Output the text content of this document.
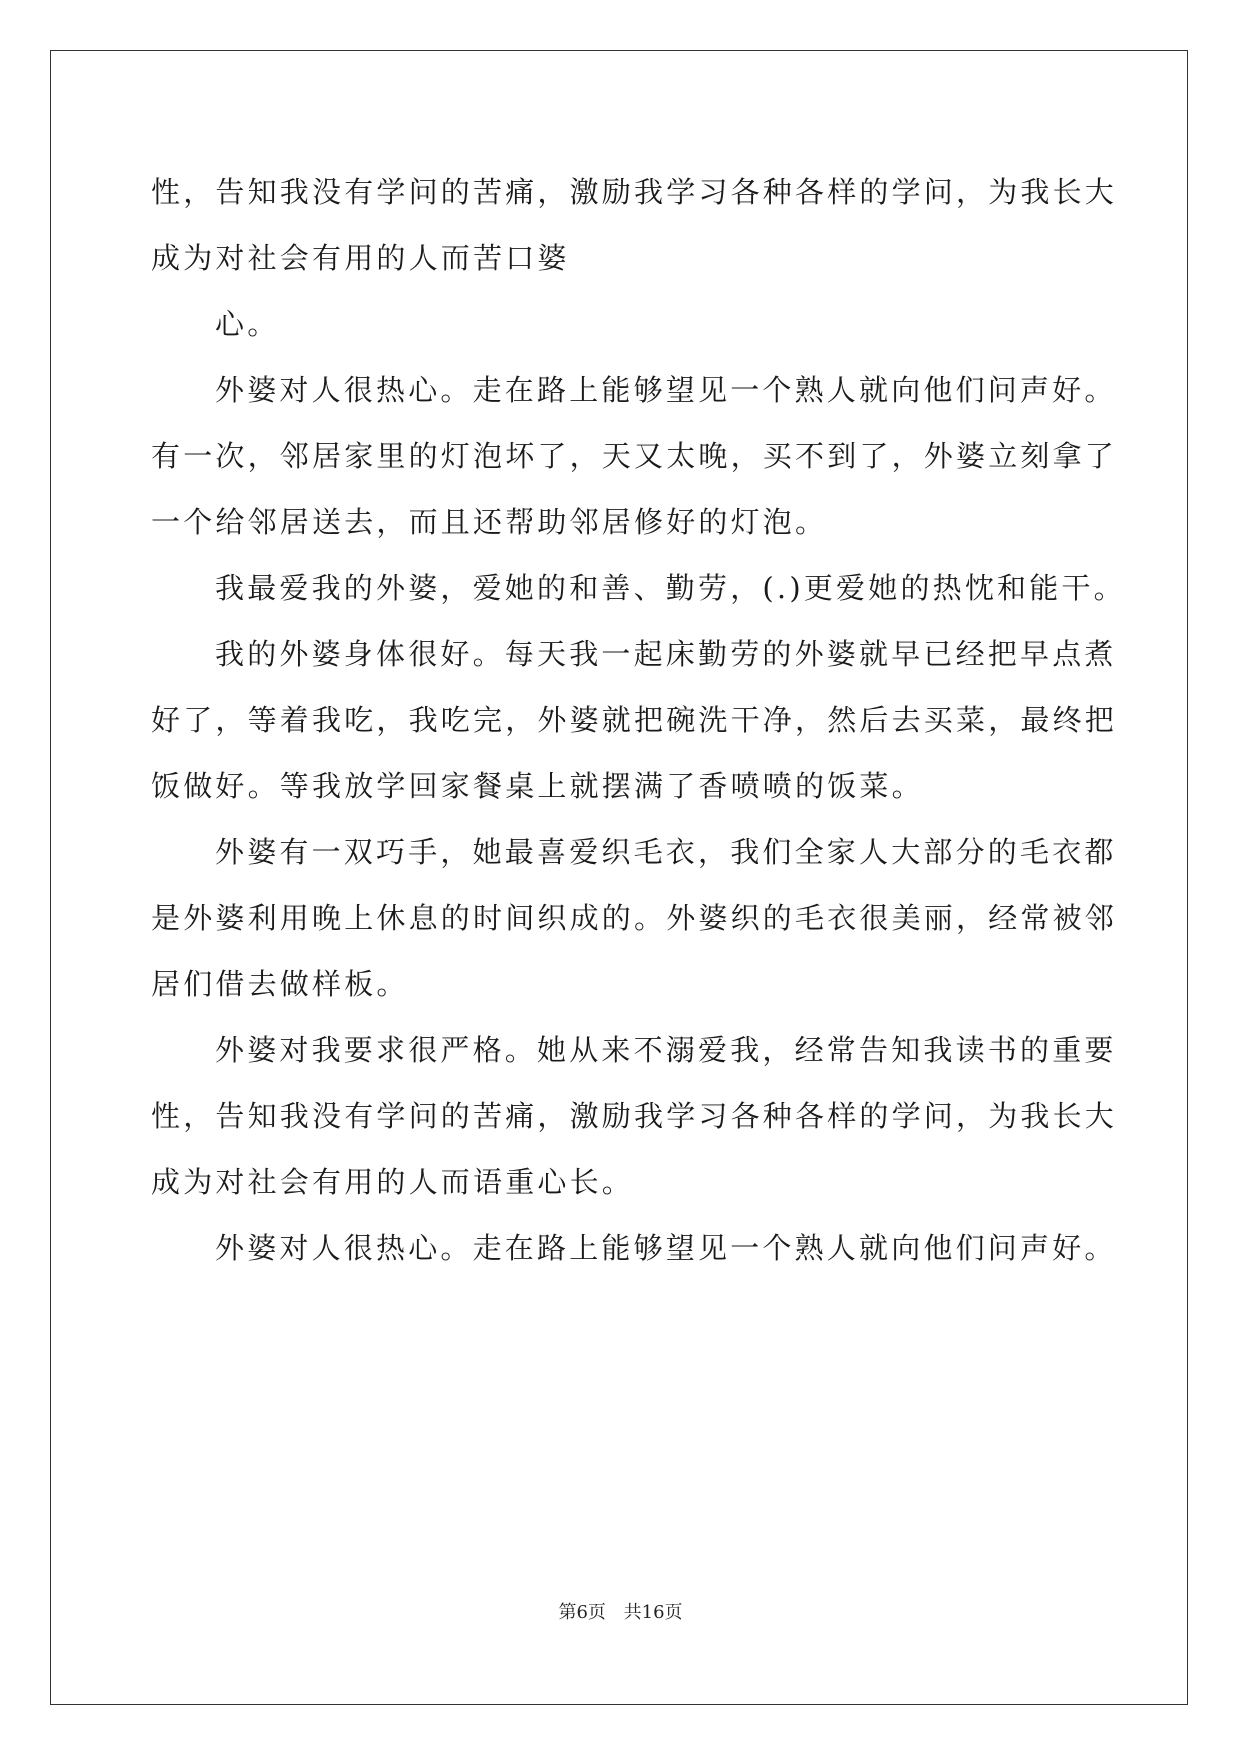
性，告知我没有学问的苦痛，激励我学习各种各样的学问，为我长大
成为对社会有用的人而苦口婆
心。
外婆对人很热心。走在路上能够望见一个熟人就向他们问声好。
有一次，邻居家里的灯泡坏了，天又太晚，买不到了，外婆立刻拿了
一个给邻居送去，而且还帮助邻居修好的灯泡。
我最爱我的外婆，爱她的和善、勤劳，(.)更爱她的热忱和能干。
我的外婆身体很好。每天我一起床勤劳的外婆就早已经把早点煮
好了，等着我吃，我吃完，外婆就把碗洗干净，然后去买菜，最终把
饭做好。等我放学回家餐桌上就摆满了香喷喷的饭菜。
外婆有一双巧手，她最喜爱织毛衣，我们全家人大部分的毛衣都
是外婆利用晚上休息的时间织成的。外婆织的毛衣很美丽，经常被邻
居们借去做样板。
外婆对我要求很严格。她从来不溺爱我，经常告知我读书的重要
性，告知我没有学问的苦痛，激励我学习各种各样的学问，为我长大
成为对社会有用的人而语重心长。
外婆对人很热心。走在路上能够望见一个熟人就向他们问声好。
第6页 共16页
